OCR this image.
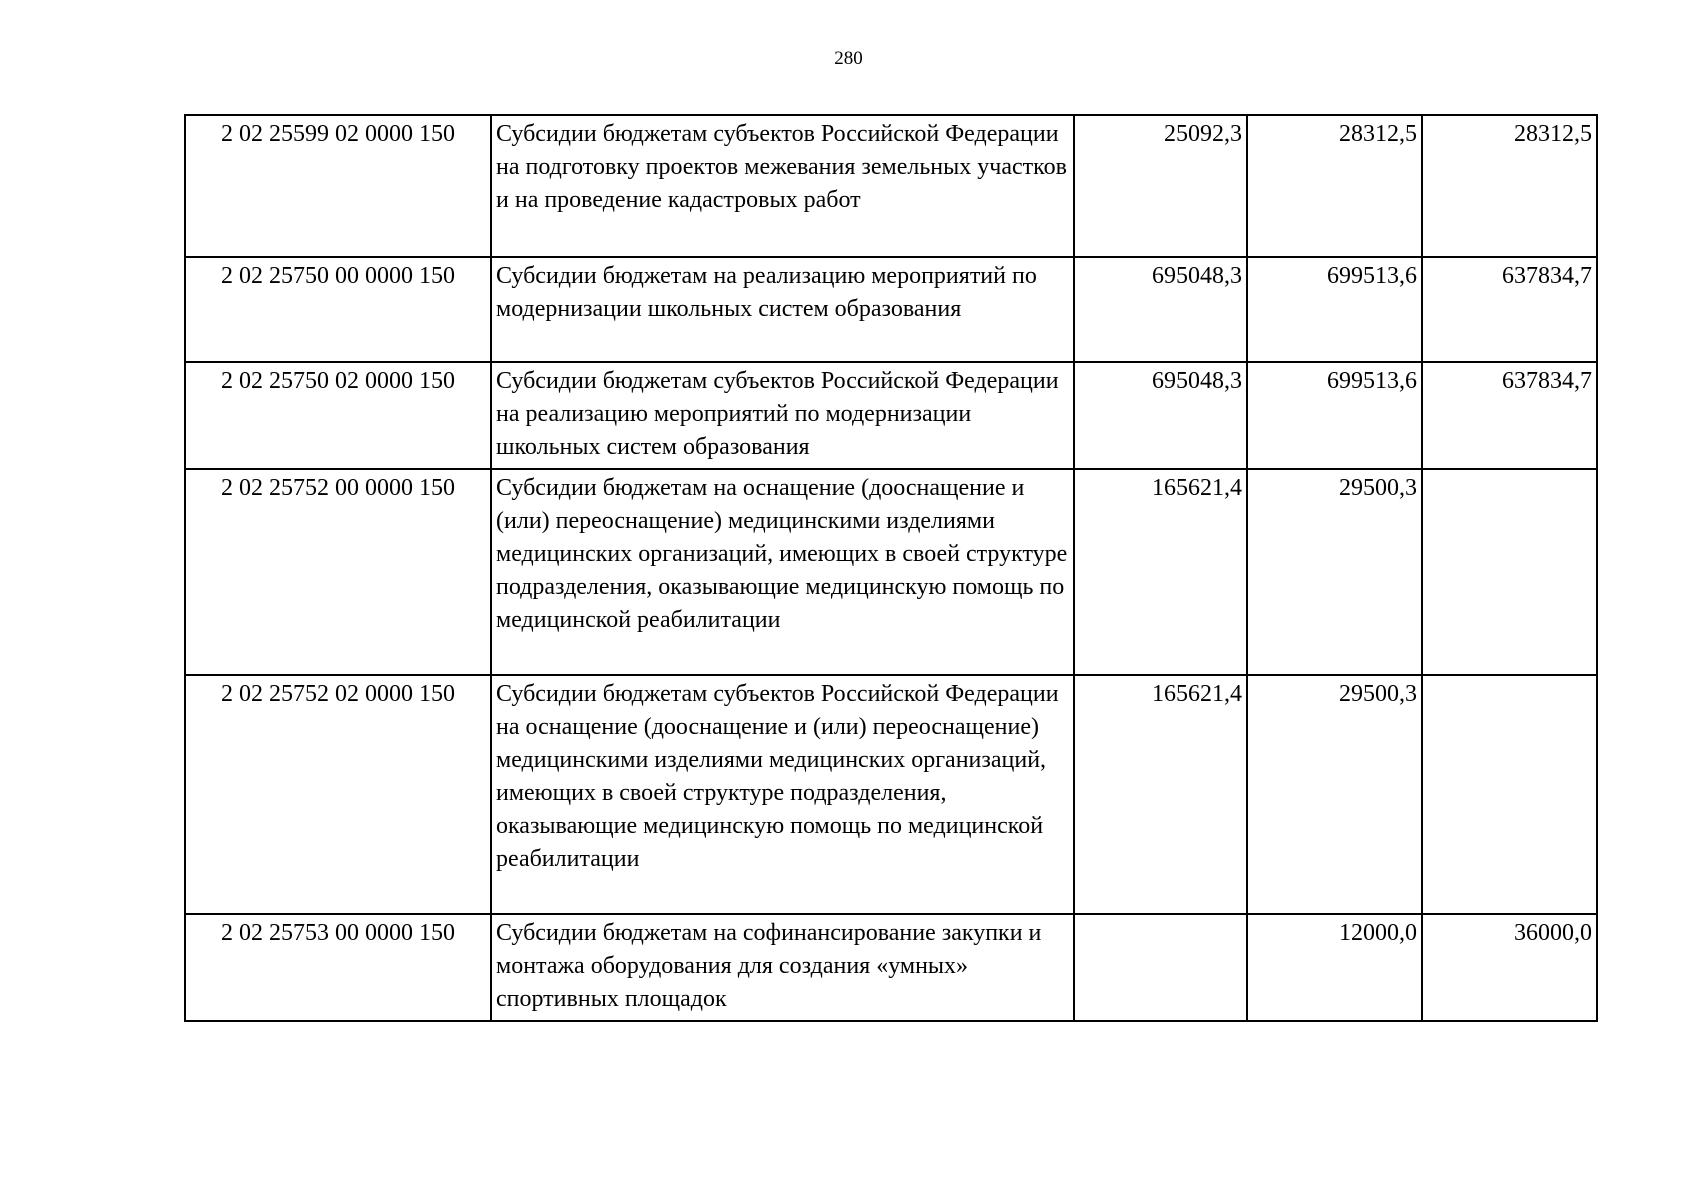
280
2 02 25599 02 0000 150	Субсидии бюджетам субъектов Российской Федерации на подготовку проектов межевания земельных участков и на проведение кадастровых работ	25092,3	28312,5	28312,5
2 02 25750 00 0000 150	Субсидии бюджетам на реализацию мероприятий по модернизации школьных систем образования	695048,3	699513,6	637834,7
2 02 25750 02 0000 150	Субсидии бюджетам субъектов Российской Федерации на реализацию мероприятий по модернизации школьных систем образования	695048,3	699513,6	637834,7
2 02 25752 00 0000 150	Субсидии бюджетам на оснащение (дооснащение и (или) переоснащение) медицинскими изделиями медицинских организаций, имеющих в своей структуре подразделения, оказывающие медицинскую помощь по медицинской реабилитации	165621,4	29500,3	
2 02 25752 02 0000 150	Субсидии бюджетам субъектов Российской Федерации на оснащение (дооснащение и (или) переоснащение) медицинскими изделиями медицинских организаций, имеющих в своей структуре подразделения, оказывающие медицинскую помощь по медицинской реабилитации	165621,4	29500,3	
2 02 25753 00 0000 150	Субсидии бюджетам на софинансирование закупки и монтажа оборудования для создания «умных» спортивных площадок		12000,0	36000,0
